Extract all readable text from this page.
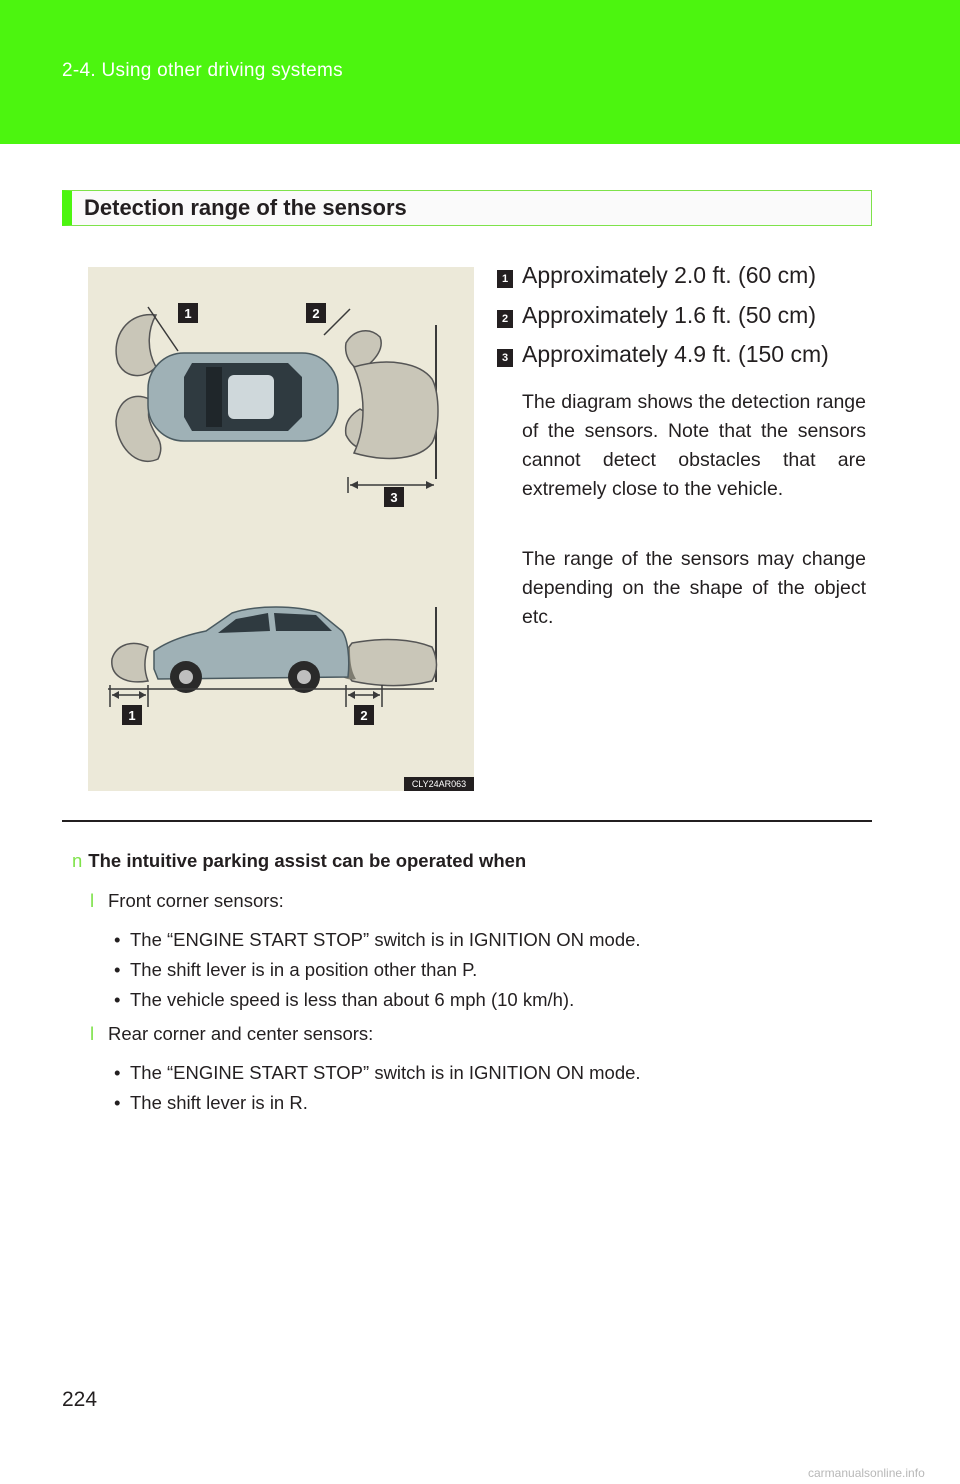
2-4. Using other driving systems
Detection range of the sensors
1	2
3
1	2
CLY24AR063
1 Approximately 2.0 ft. (60 cm)
2 Approximately 1.6 ft. (50 cm)
3 Approximately 4.9 ft. (150 cm)

The diagram shows the detection range of the sensors. Note that the sensors cannot detect obstacles that are extremely close to the vehicle.

The range of the sensors may change depending on the shape of the object etc.

n The intuitive parking assist can be operated when
l Front corner sensors:
• The “ENGINE START STOP” switch is in IGNITION ON mode.
• The shift lever is in a position other than P.
• The vehicle speed is less than about 6 mph (10 km/h).
l Rear corner and center sensors:
• The “ENGINE START STOP” switch is in IGNITION ON mode.
• The shift lever is in R.
224
carmanualsonline.info
